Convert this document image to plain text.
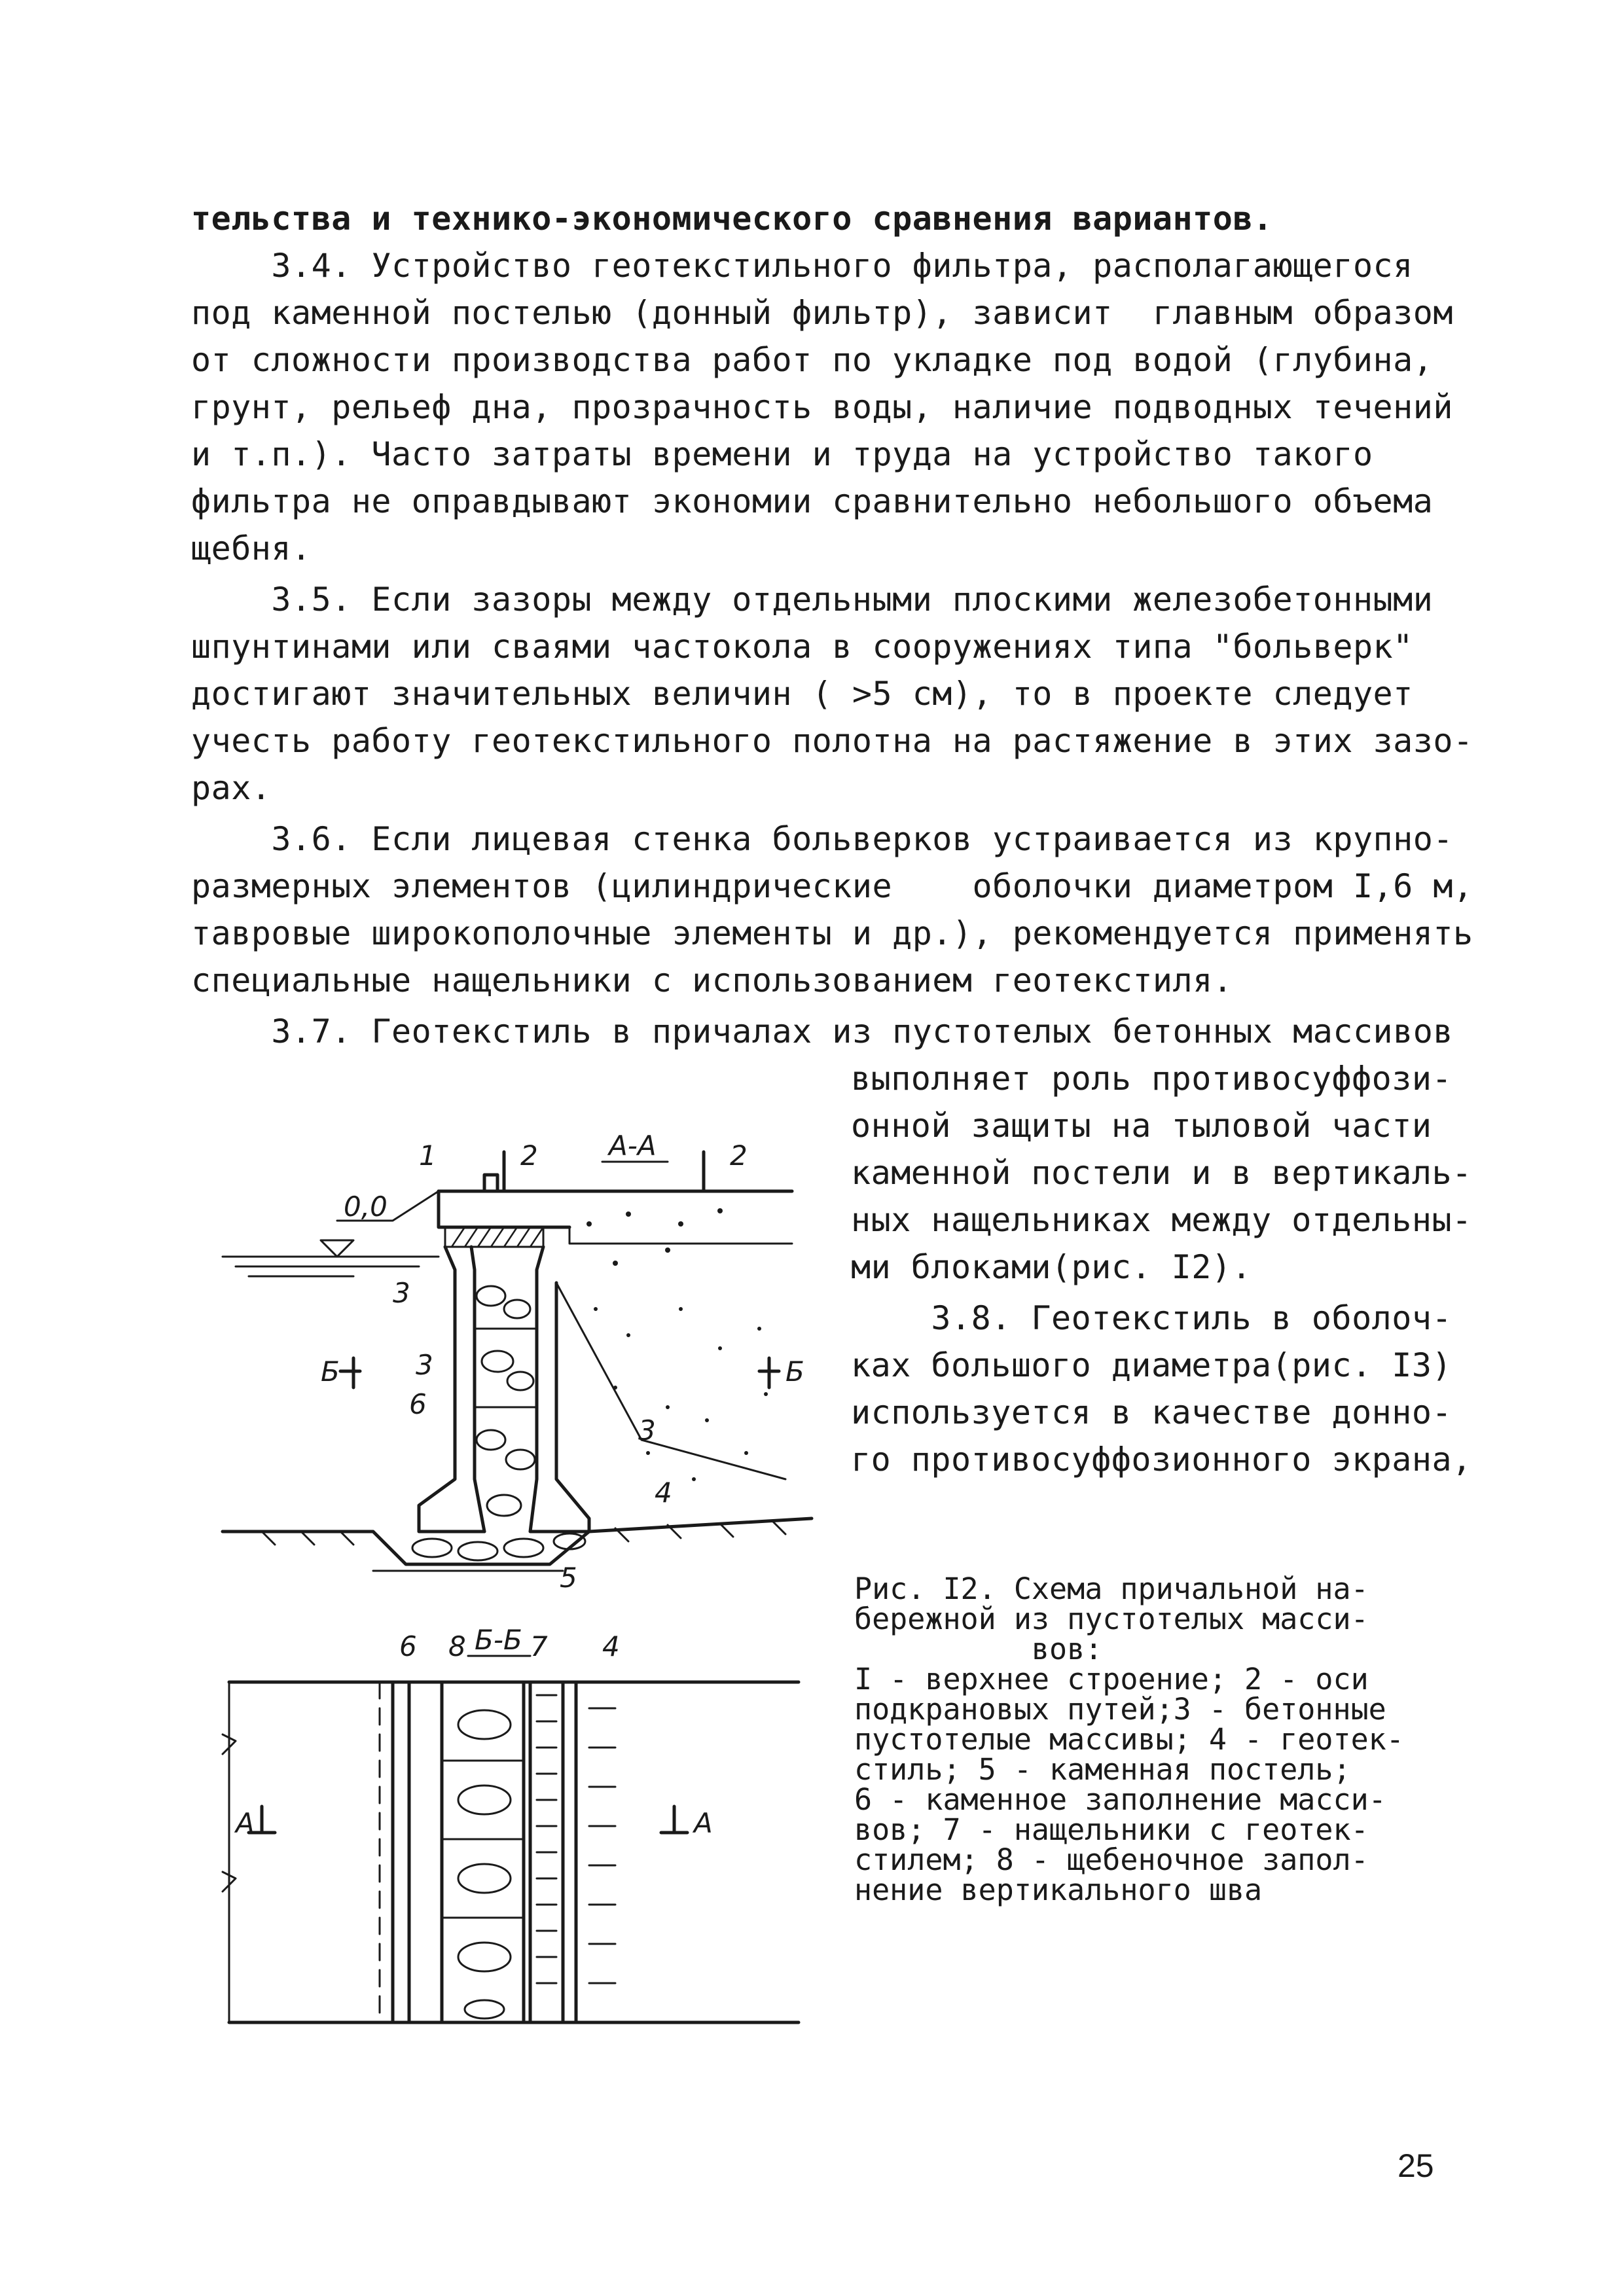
тельства и технико-экономического сравнения вариантов.
3.4. Устройство геотекстильного фильтра, располагающегося
под каменной постелью (донный фильтр), зависит  главным образом
от сложности производства работ по укладке под водой (глубина,
грунт, рельеф дна, прозрачность воды, наличие подводных течений
и т.п.). Часто затраты времени и труда на устройство такого
фильтра не оправдывают экономии сравнительно небольшого объема
щебня.
3.5. Если зазоры между отдельными плоскими железобетонными
шпунтинами или сваями частокола в сооружениях типа "больверк"
достигают значительных величин ( >5 см), то в проекте следует
учесть работу геотекстильного полотна на растяжение в этих зазо-
рах.
3.6. Если лицевая стенка больверков устраивается из крупно-
размерных элементов (цилиндрические    оболочки диаметром I,6 м,
тавровые широкополочные элементы и др.), рекомендуется применять
специальные нащельники с использованием геотекстиля.
3.7. Геотекстиль в причалах из пустотелых бетонных массивов
выполняет роль противосуффози-
онной защиты на тыловой части
каменной постели и в вертикаль-
ных нащельниках между отдельны-
ми блоками(рис. I2).
3.8. Геотекстиль в оболоч-
ках большого диаметра(рис. I3)
используется в качестве донно-
го противосуффозионного экрана,
0,0
Б	Б
1	2	2
А-А
3
3
3
4
5
6
Б-Б
6 8 7 4
А	А
Рис. I2. Схема причальной на-
бережной из пустотелых масси-
вов:
I - верхнее строение; 2 - оси
подкрановых путей;3 - бетонные
пустотелые массивы; 4 - геотек-
стиль; 5 - каменная постель;
6 - каменное заполнение масси-
вов; 7 - нащельники с геотек-
стилем; 8 - щебеночное запол-
нение вертикального шва
25
